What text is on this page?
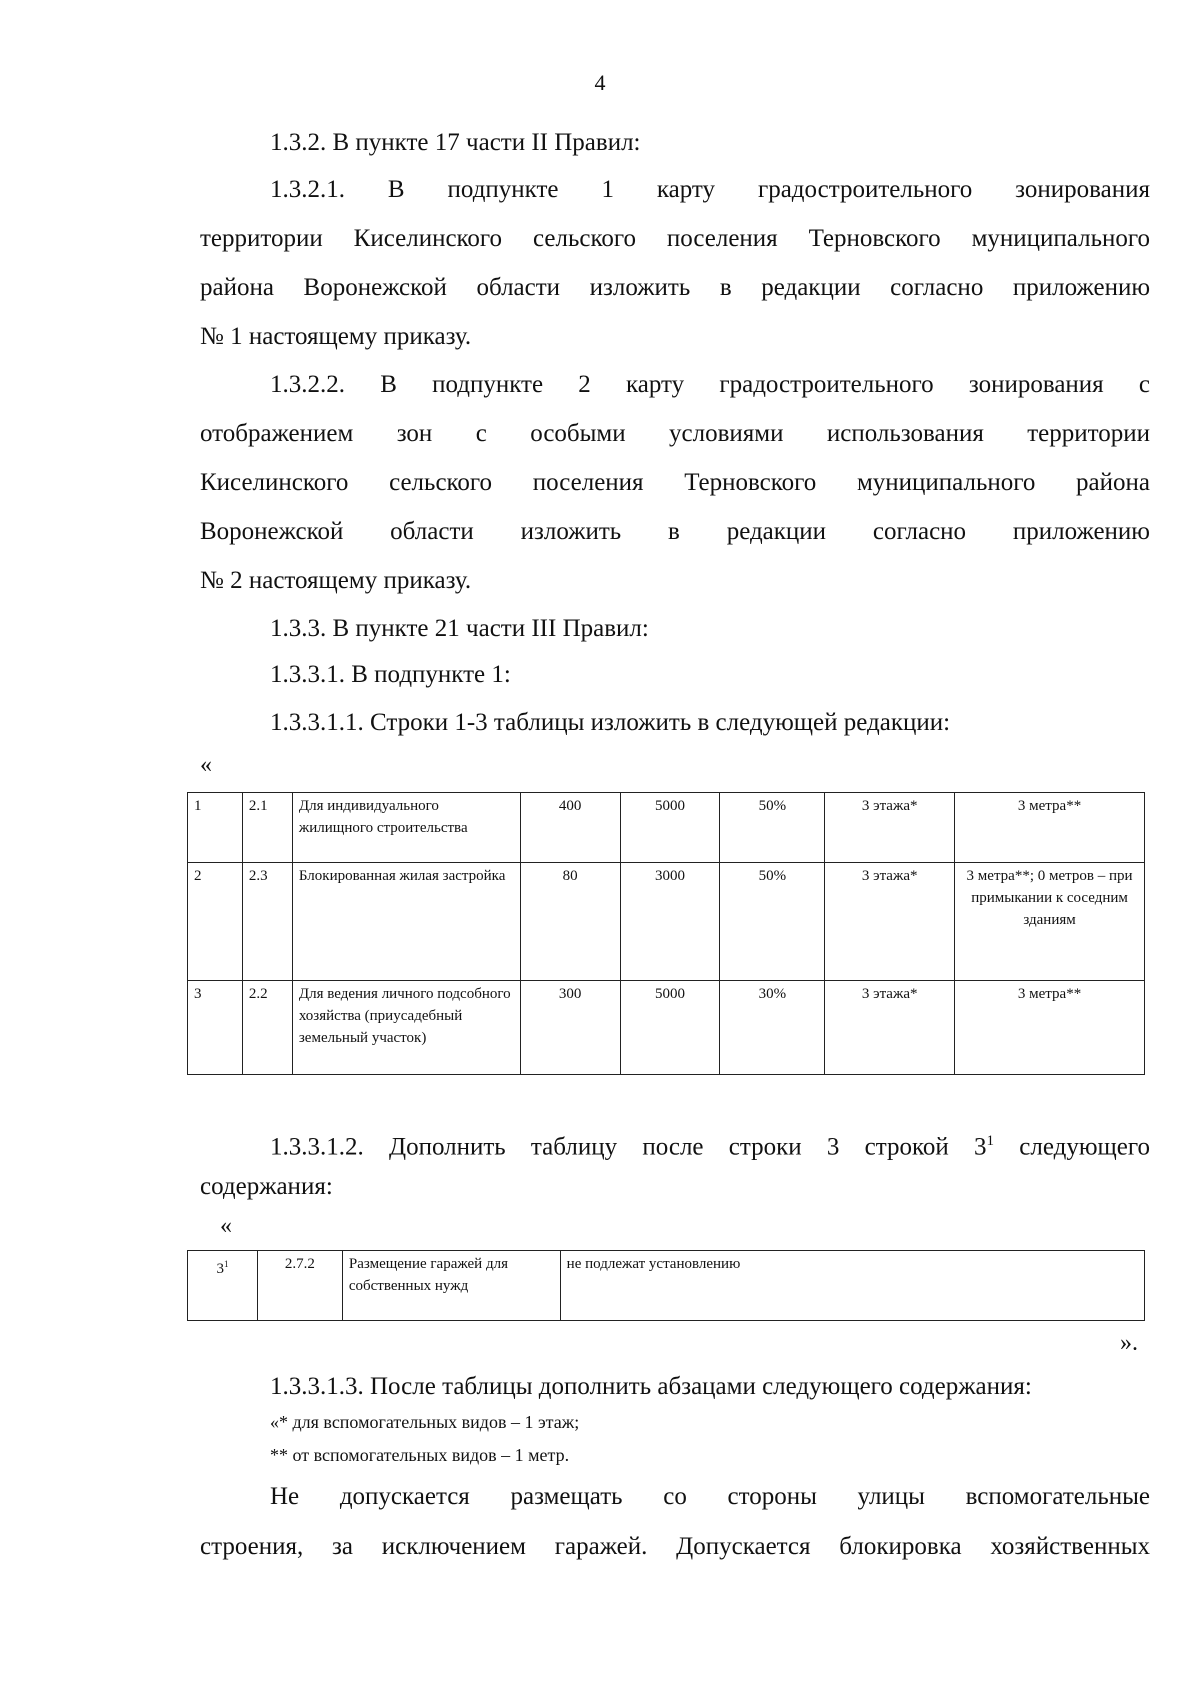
4

1.3.2. В пункте 17 части II Правил:

1.3.2.1. В подпункте 1 карту градостроительного зонирования

территории Киселинского сельского поселения Терновского муниципального

района Воронежской области изложить в редакции согласно приложению

№ 1 настоящему приказу.

1.3.2.2. В подпункте 2 карту градостроительного зонирования с

отображением зон с особыми условиями использования территории

Киселинского сельского поселения Терновского муниципального района

Воронежской области изложить в редакции согласно приложению

№ 2 настоящему приказу.

1.3.3. В пункте 21 части III Правил:

1.3.3.1. В подпункте 1:

1.3.3.1.1. Строки 1-3 таблицы изложить в следующей редакции:

«
1	2.1	Для индивидуального жилищного строительства	400	5000	50%	3 этажа*	3 метра**
2	2.3	Блокированная жилая застройка	80	3000	50%	3 этажа*	3 метра**; 0 метров – при примыкании к соседним зданиям
3	2.2	Для ведения личного подсобного хозяйства (приусадебный земельный участок)	300	5000	30%	3 этажа*	3 метра**

1.3.3.1.2. Дополнить таблицу после строки 3 строкой $3^1$ следующего

содержания:

«
$3^1$	2.7.2	Размещение гаражей для собственных нужд	не подлежат установлению
».

1.3.3.1.3. После таблицы дополнить абзацами следующего содержания:

«* для вспомогательных видов – 1 этаж;
** от вспомогательных видов – 1 метр.

Не допускается размещать со стороны улицы вспомогательные

строения, за исключением гаражей. Допускается блокировка хозяйственных
